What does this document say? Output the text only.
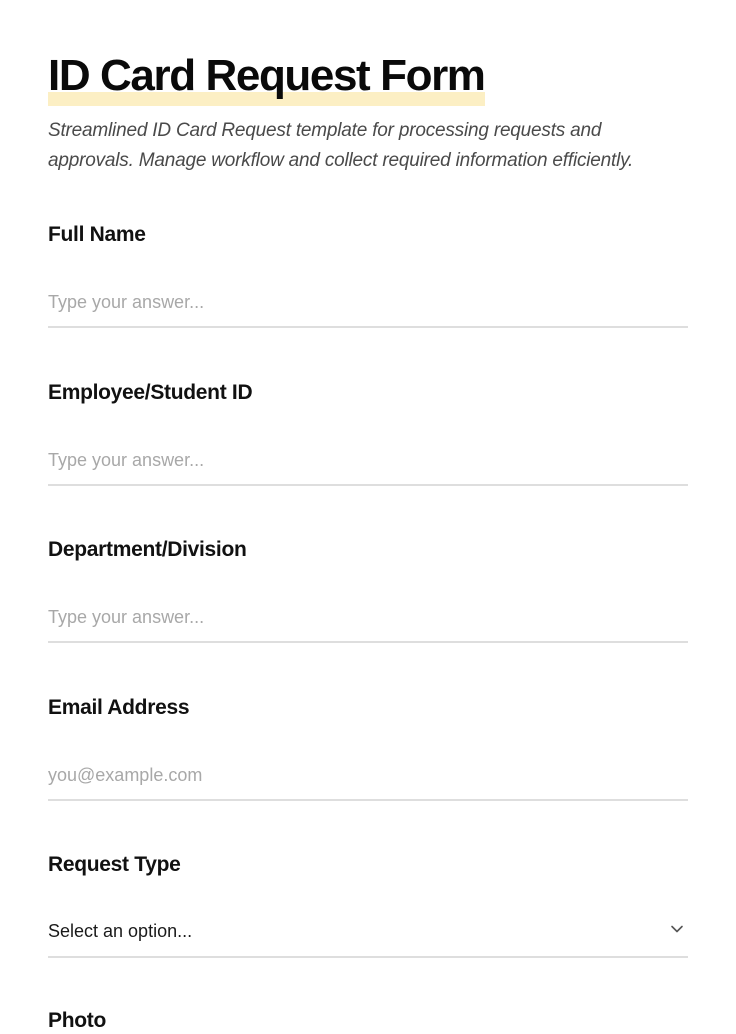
ID Card Request Form

Streamlined ID Card Request template for processing requests and approvals. Manage workflow and collect required information efficiently.

Full Name
Type your answer...
Employee/Student ID
Type your answer...
Department/Division
Type your answer...
Email Address
you@example.com
Request Type
Select an option...
Photo
